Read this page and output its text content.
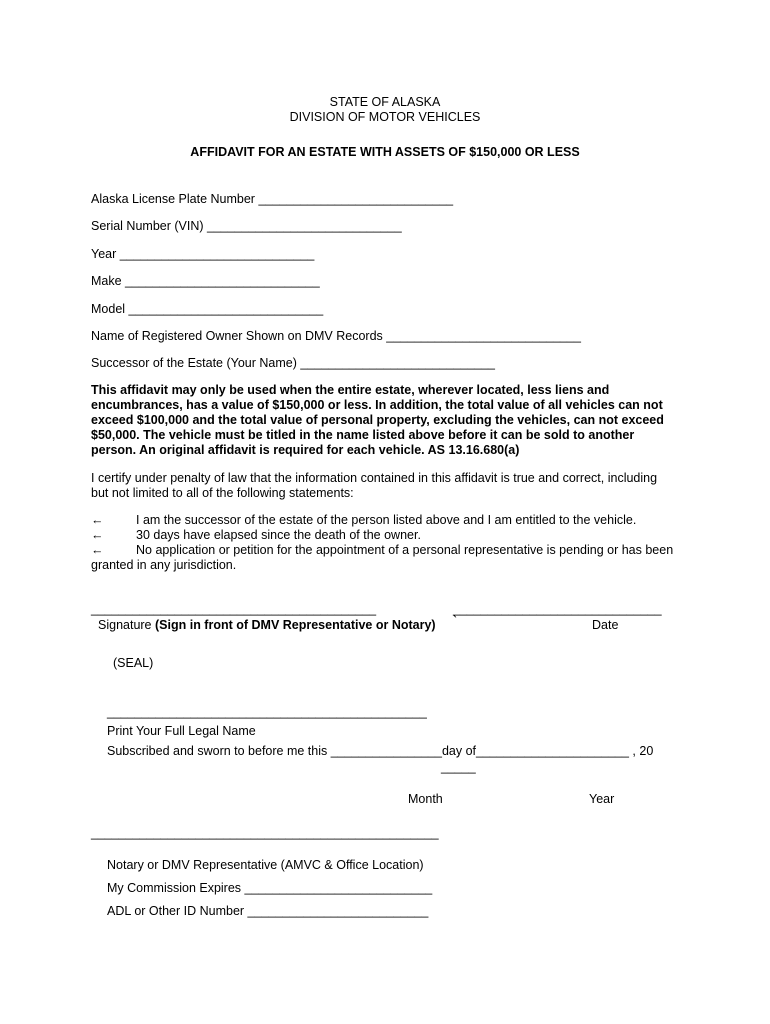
STATE OF ALASKA
DIVISION OF MOTOR VEHICLES
AFFIDAVIT FOR AN ESTATE WITH ASSETS OF $150,000 OR LESS
Alaska License Plate Number ____________________________
Serial Number (VIN) ____________________________
Year ____________________________
Make ____________________________
Model ____________________________
Name of Registered Owner Shown on DMV Records ____________________________
Successor of the Estate (Your Name) ____________________________
This affidavit may only be used when the entire estate, wherever located, less liens and
encumbrances, has a value of $150,000 or less. In addition, the total value of all vehicles can not
exceed $100,000 and the total value of personal property, excluding the vehicles, can not exceed
$50,000. The vehicle must be titled in the name listed above before it can be sold to another
person. An original affidavit is required for each vehicle. AS 13.16.680(a)
I certify under penalty of law that the information contained in this affidavit is true and correct, including
but not limited to all of the following statements:
←	I am the successor of the estate of the person listed above and I am entitled to the vehicle.
←	30 days have elapsed since the death of the owner.
←	No application or petition for the appointment of a personal representative is pending or has been
granted in any jurisdiction.
_________________________________________	______________________________
Signature (Sign in front of DMV Representative or Notary) `	Date
(SEAL)
______________________________________________
Print Your Full Legal Name
Subscribed and sworn to before me this ________________day of______________________ , 20
_____
Month	Year
__________________________________________________
Notary or DMV Representative (AMVC & Office Location)
My Commission Expires ___________________________
ADL or Other ID Number __________________________
